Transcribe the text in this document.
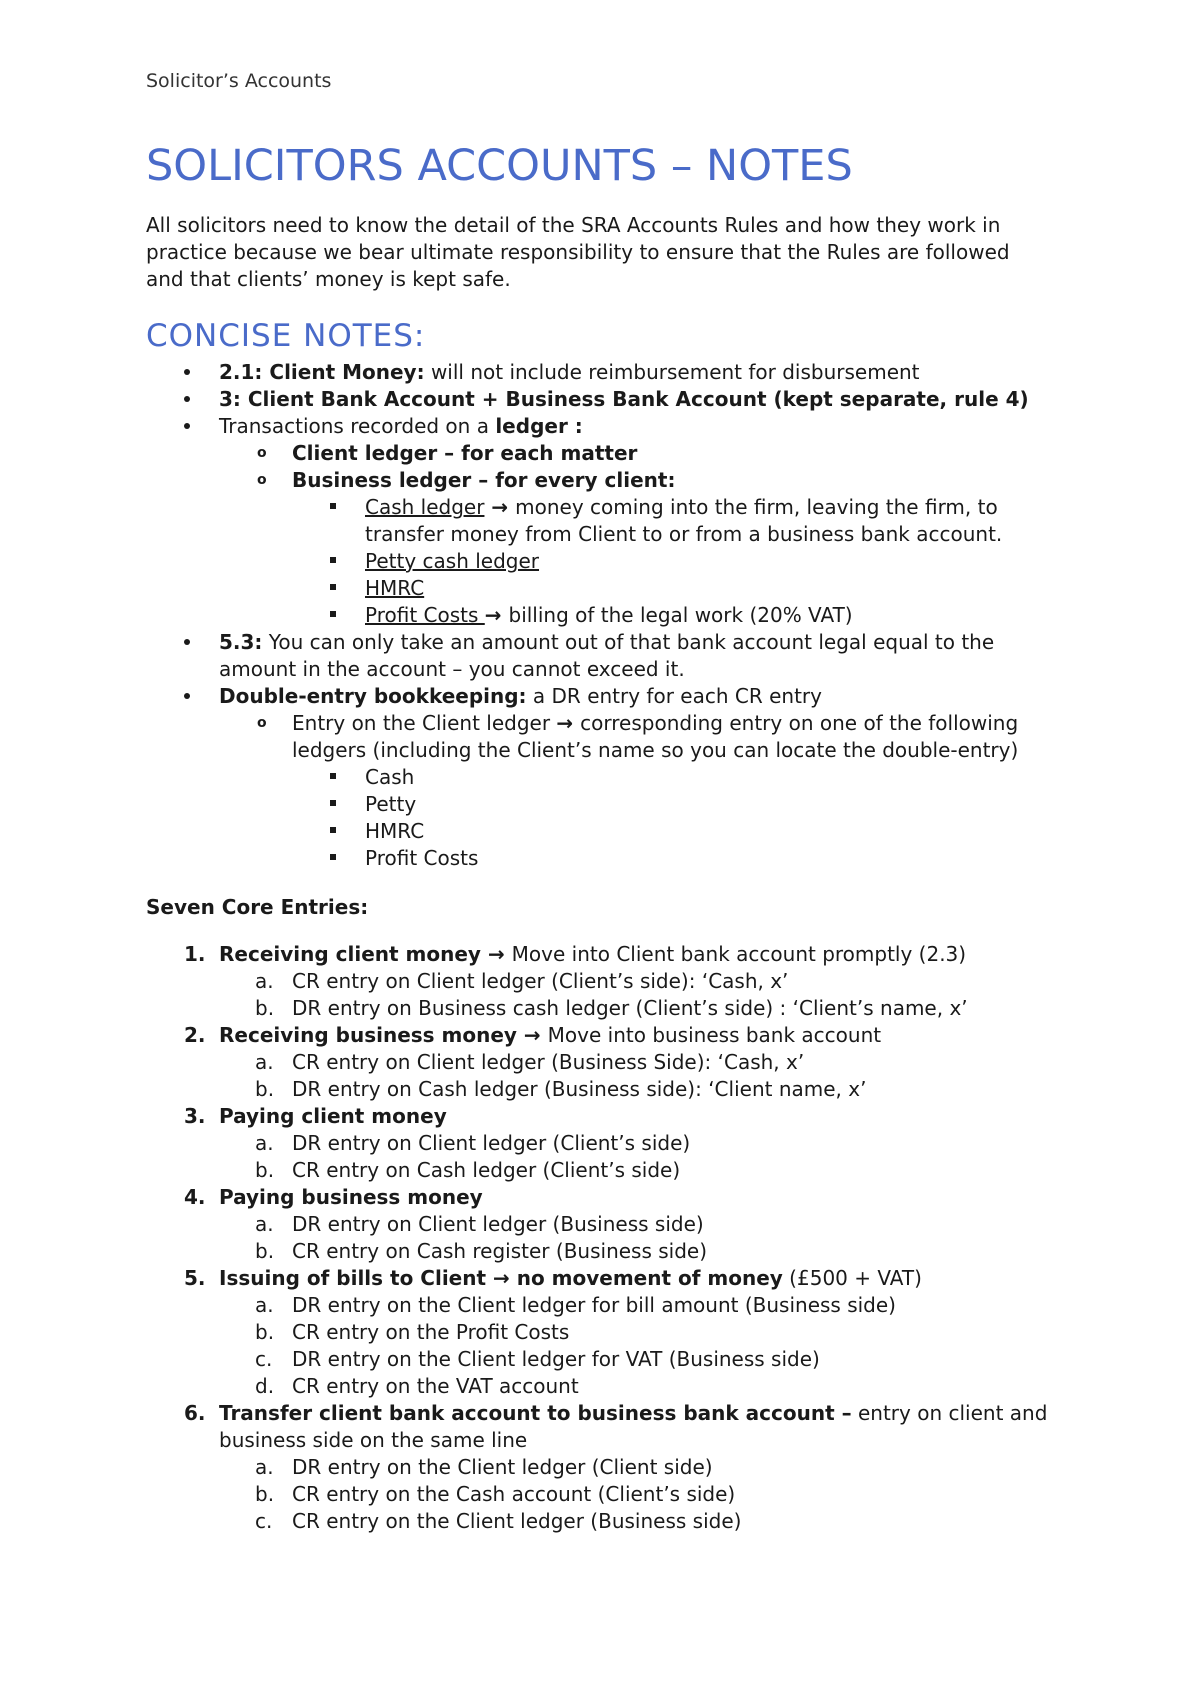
Solicitor’s Accounts
SOLICITORS ACCOUNTS – NOTES

All solicitors need to know the detail of the SRA Accounts Rules and how they work in practice because we bear ultimate responsibility to ensure that the Rules are followed and that clients’ money is kept safe.

CONCISE NOTES:
2.1: Client Money: will not include reimbursement for disbursement
3: Client Bank Account + Business Bank Account (kept separate, rule 4)
Transactions recorded on a ledger :
o Client ledger – for each matter
o Business ledger – for every client:
Cash ledger → money coming into the firm, leaving the firm, to transfer money from Client to or from a business bank account.
Petty cash ledger
HMRC
Profit Costs → billing of the legal work (20% VAT)
5.3: You can only take an amount out of that bank account legal equal to the amount in the account – you cannot exceed it.
Double-entry bookkeeping: a DR entry for each CR entry
o Entry on the Client ledger → corresponding entry on one of the following ledgers (including the Client’s name so you can locate the double-entry)
Cash
Petty
HMRC
Profit Costs

Seven Core Entries:

1. Receiving client money → Move into Client bank account promptly (2.3)
a. CR entry on Client ledger (Client’s side): ‘Cash, x’
b. DR entry on Business cash ledger (Client’s side) : ‘Client’s name, x’
2. Receiving business money → Move into business bank account
a. CR entry on Client ledger (Business Side): ‘Cash, x’
b. DR entry on Cash ledger (Business side): ‘Client name, x’
3. Paying client money
a. DR entry on Client ledger (Client’s side)
b. CR entry on Cash ledger (Client’s side)
4. Paying business money
a. DR entry on Client ledger (Business side)
b. CR entry on Cash register (Business side)
5. Issuing of bills to Client → no movement of money (£500 + VAT)
a. DR entry on the Client ledger for bill amount (Business side)
b. CR entry on the Profit Costs
c. DR entry on the Client ledger for VAT (Business side)
d. CR entry on the VAT account
6. Transfer client bank account to business bank account – entry on client and business side on the same line
a. DR entry on the Client ledger (Client side)
b. CR entry on the Cash account (Client’s side)
c. CR entry on the Client ledger (Business side)
